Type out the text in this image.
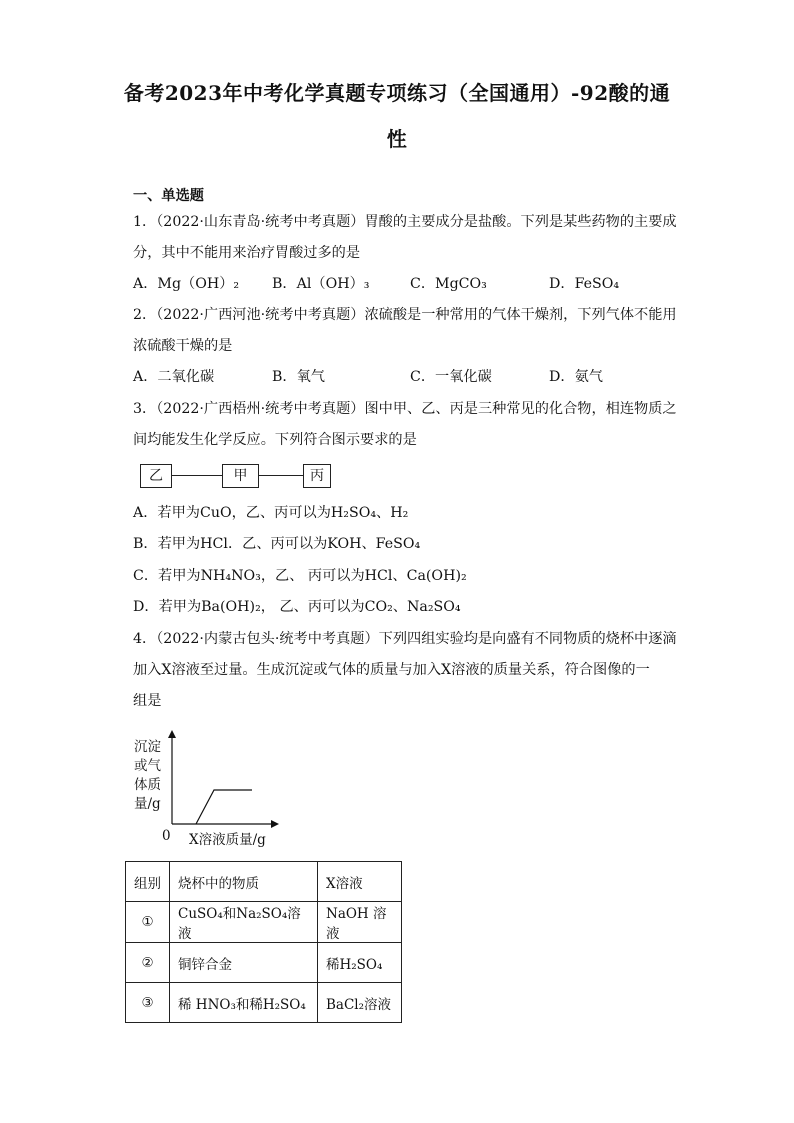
备考2023年中考化学真题专项练习（全国通用）-92酸的通
性
一、单选题
1．（2022·山东青岛·统考中考真题）胃酸的主要成分是盐酸。下列是某些药物的主要成
分，其中不能用来治疗胃酸过多的是
A．Mg（OH）₂ B．Al（OH）₃	C．MgCO₃	D．FeSO₄
2．（2022·广西河池·统考中考真题）浓硫酸是一种常用的气体干燥剂，下列气体不能用
浓硫酸干燥的是
A．二氧化碳	B．氧气	C．一氧化碳	D．氨气
3．（2022·广西梧州·统考中考真题）图中甲、乙、丙是三种常见的化合物，相连物质之
间均能发生化学反应。下列符合图示要求的是
乙	甲	丙
A．若甲为CuO，乙、丙可以为H₂SO₄、H₂
B．若甲为HCl．乙、丙可以为KOH、FeSO₄
C．若甲为NH₄NO₃，乙、 丙可以为HCl、Ca(OH)₂
D．若甲为Ba(OH)₂， 乙、丙可以为CO₂、Na₂SO₄
4．（2022·内蒙古包头·统考中考真题）下列四组实验均是向盛有不同物质的烧杯中逐滴
加入X溶液至过量。生成沉淀或气体的质量与加入X溶液的质量关系，符合图像的一
组是
沉淀
或气
体质
量/g
0 X溶液质量/g
组别	烧杯中的物质	X溶液
①	CuSO₄和Na₂SO₄溶液	NaOH 溶液
②	铜锌合金	稀H₂SO₄
③	稀 HNO₃和稀H₂SO₄	BaCl₂溶液
